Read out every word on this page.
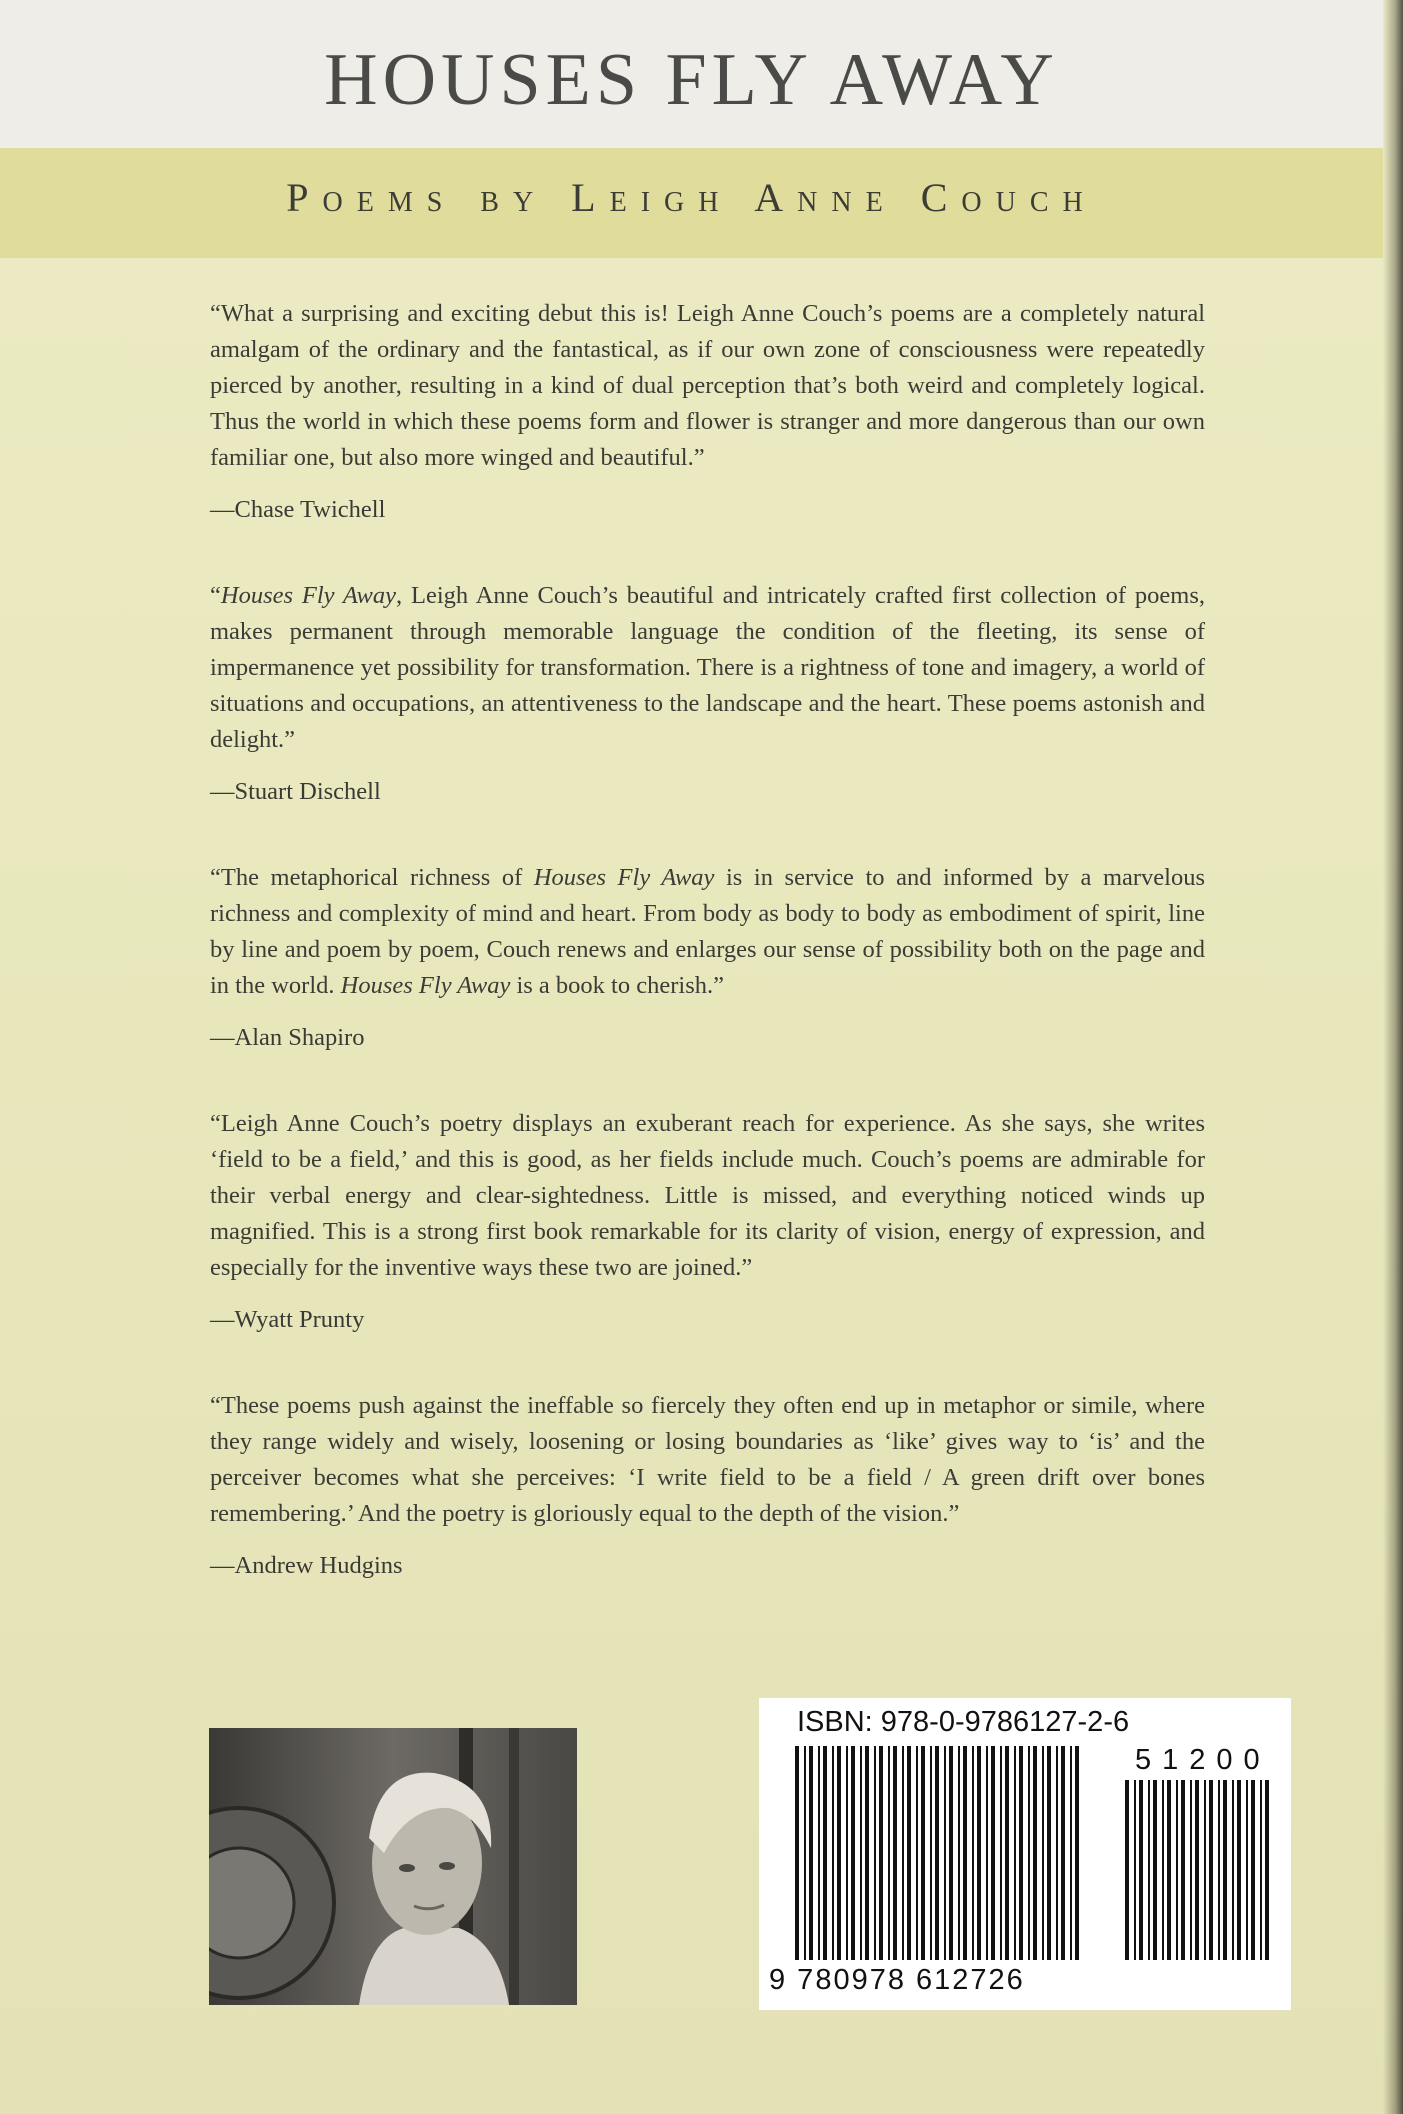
HOUSES FLY AWAY
Poems by Leigh Anne Couch

“What a surprising and exciting debut this is! Leigh Anne Couch’s poems are a completely natural amalgam of the ordinary and the fantastical, as if our own zone of consciousness were repeatedly pierced by another, resulting in a kind of dual perception that’s both weird and completely logical. Thus the world in which these poems form and flower is stranger and more dangerous than our own familiar one, but also more winged and beautiful.”

—Chase Twichell

“Houses Fly Away, Leigh Anne Couch’s beautiful and intricately crafted first collection of poems, makes permanent through memorable language the condition of the fleeting, its sense of impermanence yet possibility for transformation. There is a rightness of tone and imagery, a world of situations and occupations, an attentiveness to the landscape and the heart. These poems astonish and delight.”

—Stuart Dischell

“The metaphorical richness of Houses Fly Away is in service to and informed by a marvelous richness and complexity of mind and heart. From body as body to body as embodiment of spirit, line by line and poem by poem, Couch renews and enlarges our sense of possibility both on the page and in the world. Houses Fly Away is a book to cherish.”

—Alan Shapiro

“Leigh Anne Couch’s poetry displays an exuberant reach for experience. As she says, she writes ‘field to be a field,’ and this is good, as her fields include much. Couch’s poems are admirable for their verbal energy and clear-sightedness. Little is missed, and everything noticed winds up magnified. This is a strong first book remarkable for its clarity of vision, energy of expression, and especially for the inventive ways these two are joined.”

—Wyatt Prunty

“These poems push against the ineffable so fiercely they often end up in metaphor or simile, where they range widely and wisely, loosening or losing boundaries as ‘like’ gives way to ‘is’ and the perceiver becomes what she perceives: ‘I write field to be a field / A green drift over bones remembering.’ And the poetry is gloriously equal to the depth of the vision.”

—Andrew Hudgins
ISBN: 978-0-9786127-2-6
51200
9 780978 612726
